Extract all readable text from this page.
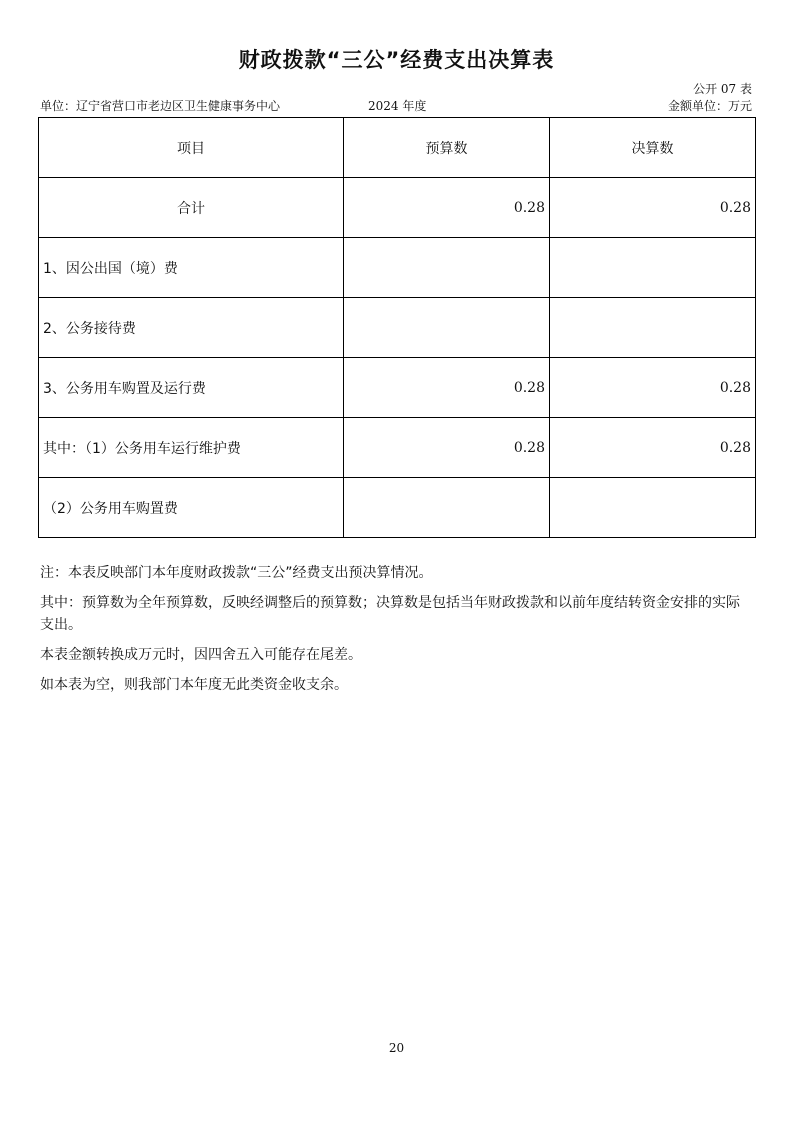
财政拨款“三公”经费支出决算表
公开 07 表
单位：辽宁省营口市老边区卫生健康事务中心	2024 年度	金额单位：万元
项目	预算数	决算数
合计	0.28	0.28
1、因公出国（境）费		
2、公务接待费		
3、公务用车购置及运行费	0.28	0.28
其中：（1）公务用车运行维护费	0.28	0.28
（2）公务用车购置费		

注：本表反映部门本年度财政拨款“三公”经费支出预决算情况。

其中：预算数为全年预算数，反映经调整后的预算数；决算数是包括当年财政拨款和以前年度结转资金安排的实际支出。

本表金额转换成万元时，因四舍五入可能存在尾差。

如本表为空，则我部门本年度无此类资金收支余。

20
